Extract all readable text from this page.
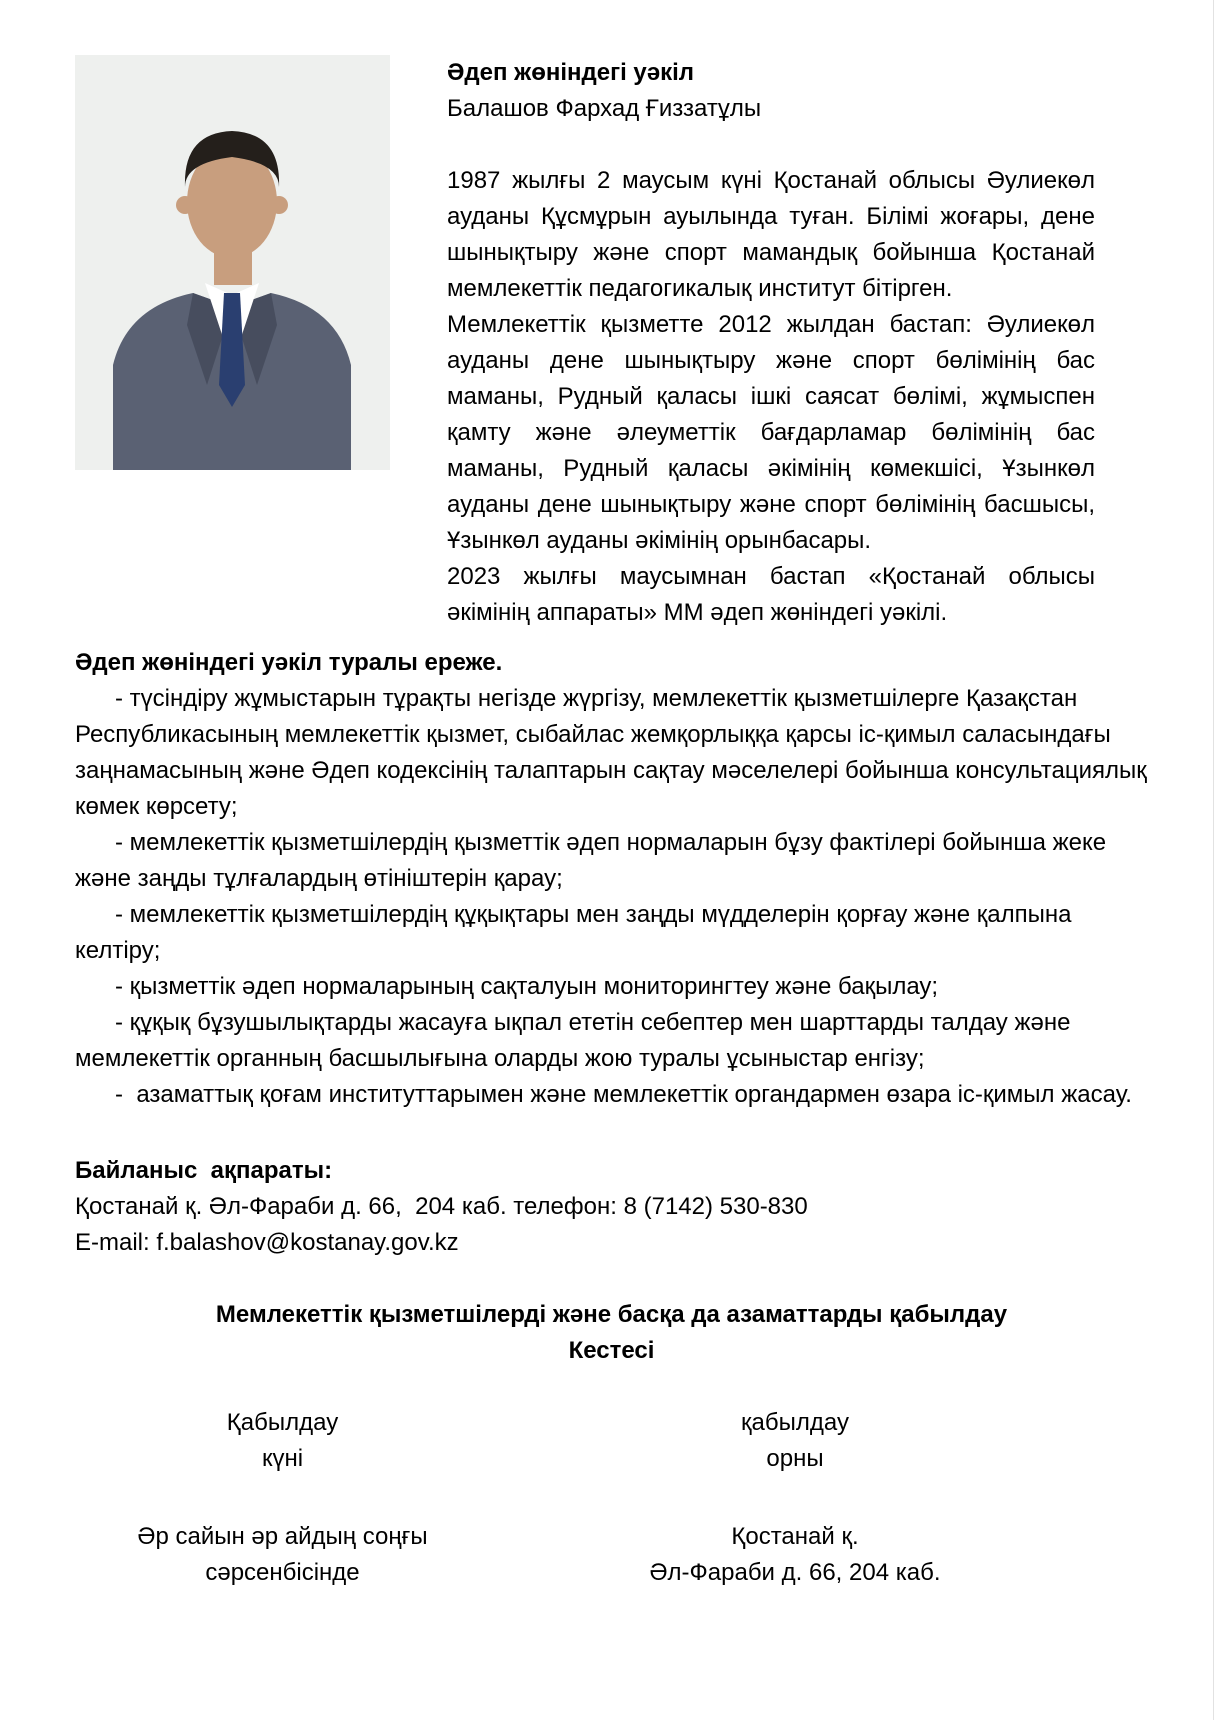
Әдеп жөніндегі уәкіл
Балашов Фархад Ғиззатұлы

1987 жылғы 2 маусым күні Қостанай облысы Әулиекөл ауданы Құсмұрын ауылында туған. Білімі жоғары, дене шынықтыру және спорт мамандық бойынша Қостанай мемлекеттік педагогикалық институт бітірген.

Мемлекеттік қызметте 2012 жылдан бастап: Әулиекөл ауданы дене шынықтыру және спорт бөлімінің бас маманы, Рудный қаласы ішкі саясат бөлімі, жұмыспен қамту және әлеуметтік бағдарламар бөлімінің бас маманы, Рудный қаласы әкімінің көмекшісі, Ұзынкөл ауданы дене шынықтыру және спорт бөлімінің басшысы, Ұзынкөл ауданы әкімінің орынбасары.

2023 жылғы маусымнан бастап «Қостанай облысы әкімінің аппараты» ММ әдеп жөніндегі уәкілі.

Әдеп жөніндегі уәкіл туралы ереже.

- түсіндіру жұмыстарын тұрақты негізде жүргізу, мемлекеттік қызметшілерге Қазақстан Республикасының мемлекеттік қызмет, сыбайлас жемқорлыққа қарсы іс-қимыл саласындағы заңнамасының және Әдеп кодексінің талаптарын сақтау мәселелері бойынша консультациялық көмек көрсету;

- мемлекеттік қызметшілердің қызметтік әдеп нормаларын бұзу фактілері бойынша жеке және заңды тұлғалардың өтініштерін қарау;

- мемлекеттік қызметшілердің құқықтары мен заңды мүдделерін қорғау және қалпына келтіру;

- қызметтік әдеп нормаларының сақталуын мониторингтеу және бақылау;

- құқық бұзушылықтарды жасауға ықпал ететін себептер мен шарттарды талдау және мемлекеттік органның басшылығына оларды жою туралы ұсыныстар енгізу;

-  азаматтық қоғам институттарымен және мемлекеттік органдармен өзара іс-қимыл жасау.

Байланыс  ақпараты:
Қостанай қ. Әл-Фараби д. 66,  204 каб. телефон: 8 (7142) 530-830
E-mail: f.balashov@kostanay.gov.kz
Мемлекеттік қызметшілерді және басқа да азаматтарды қабылдау
Кестесі
Қабылдау
күні
қабылдау
орны
Әр сайын әр айдың соңғы
сәрсенбісінде
Қостанай қ.
Әл-Фараби д. 66, 204 каб.
